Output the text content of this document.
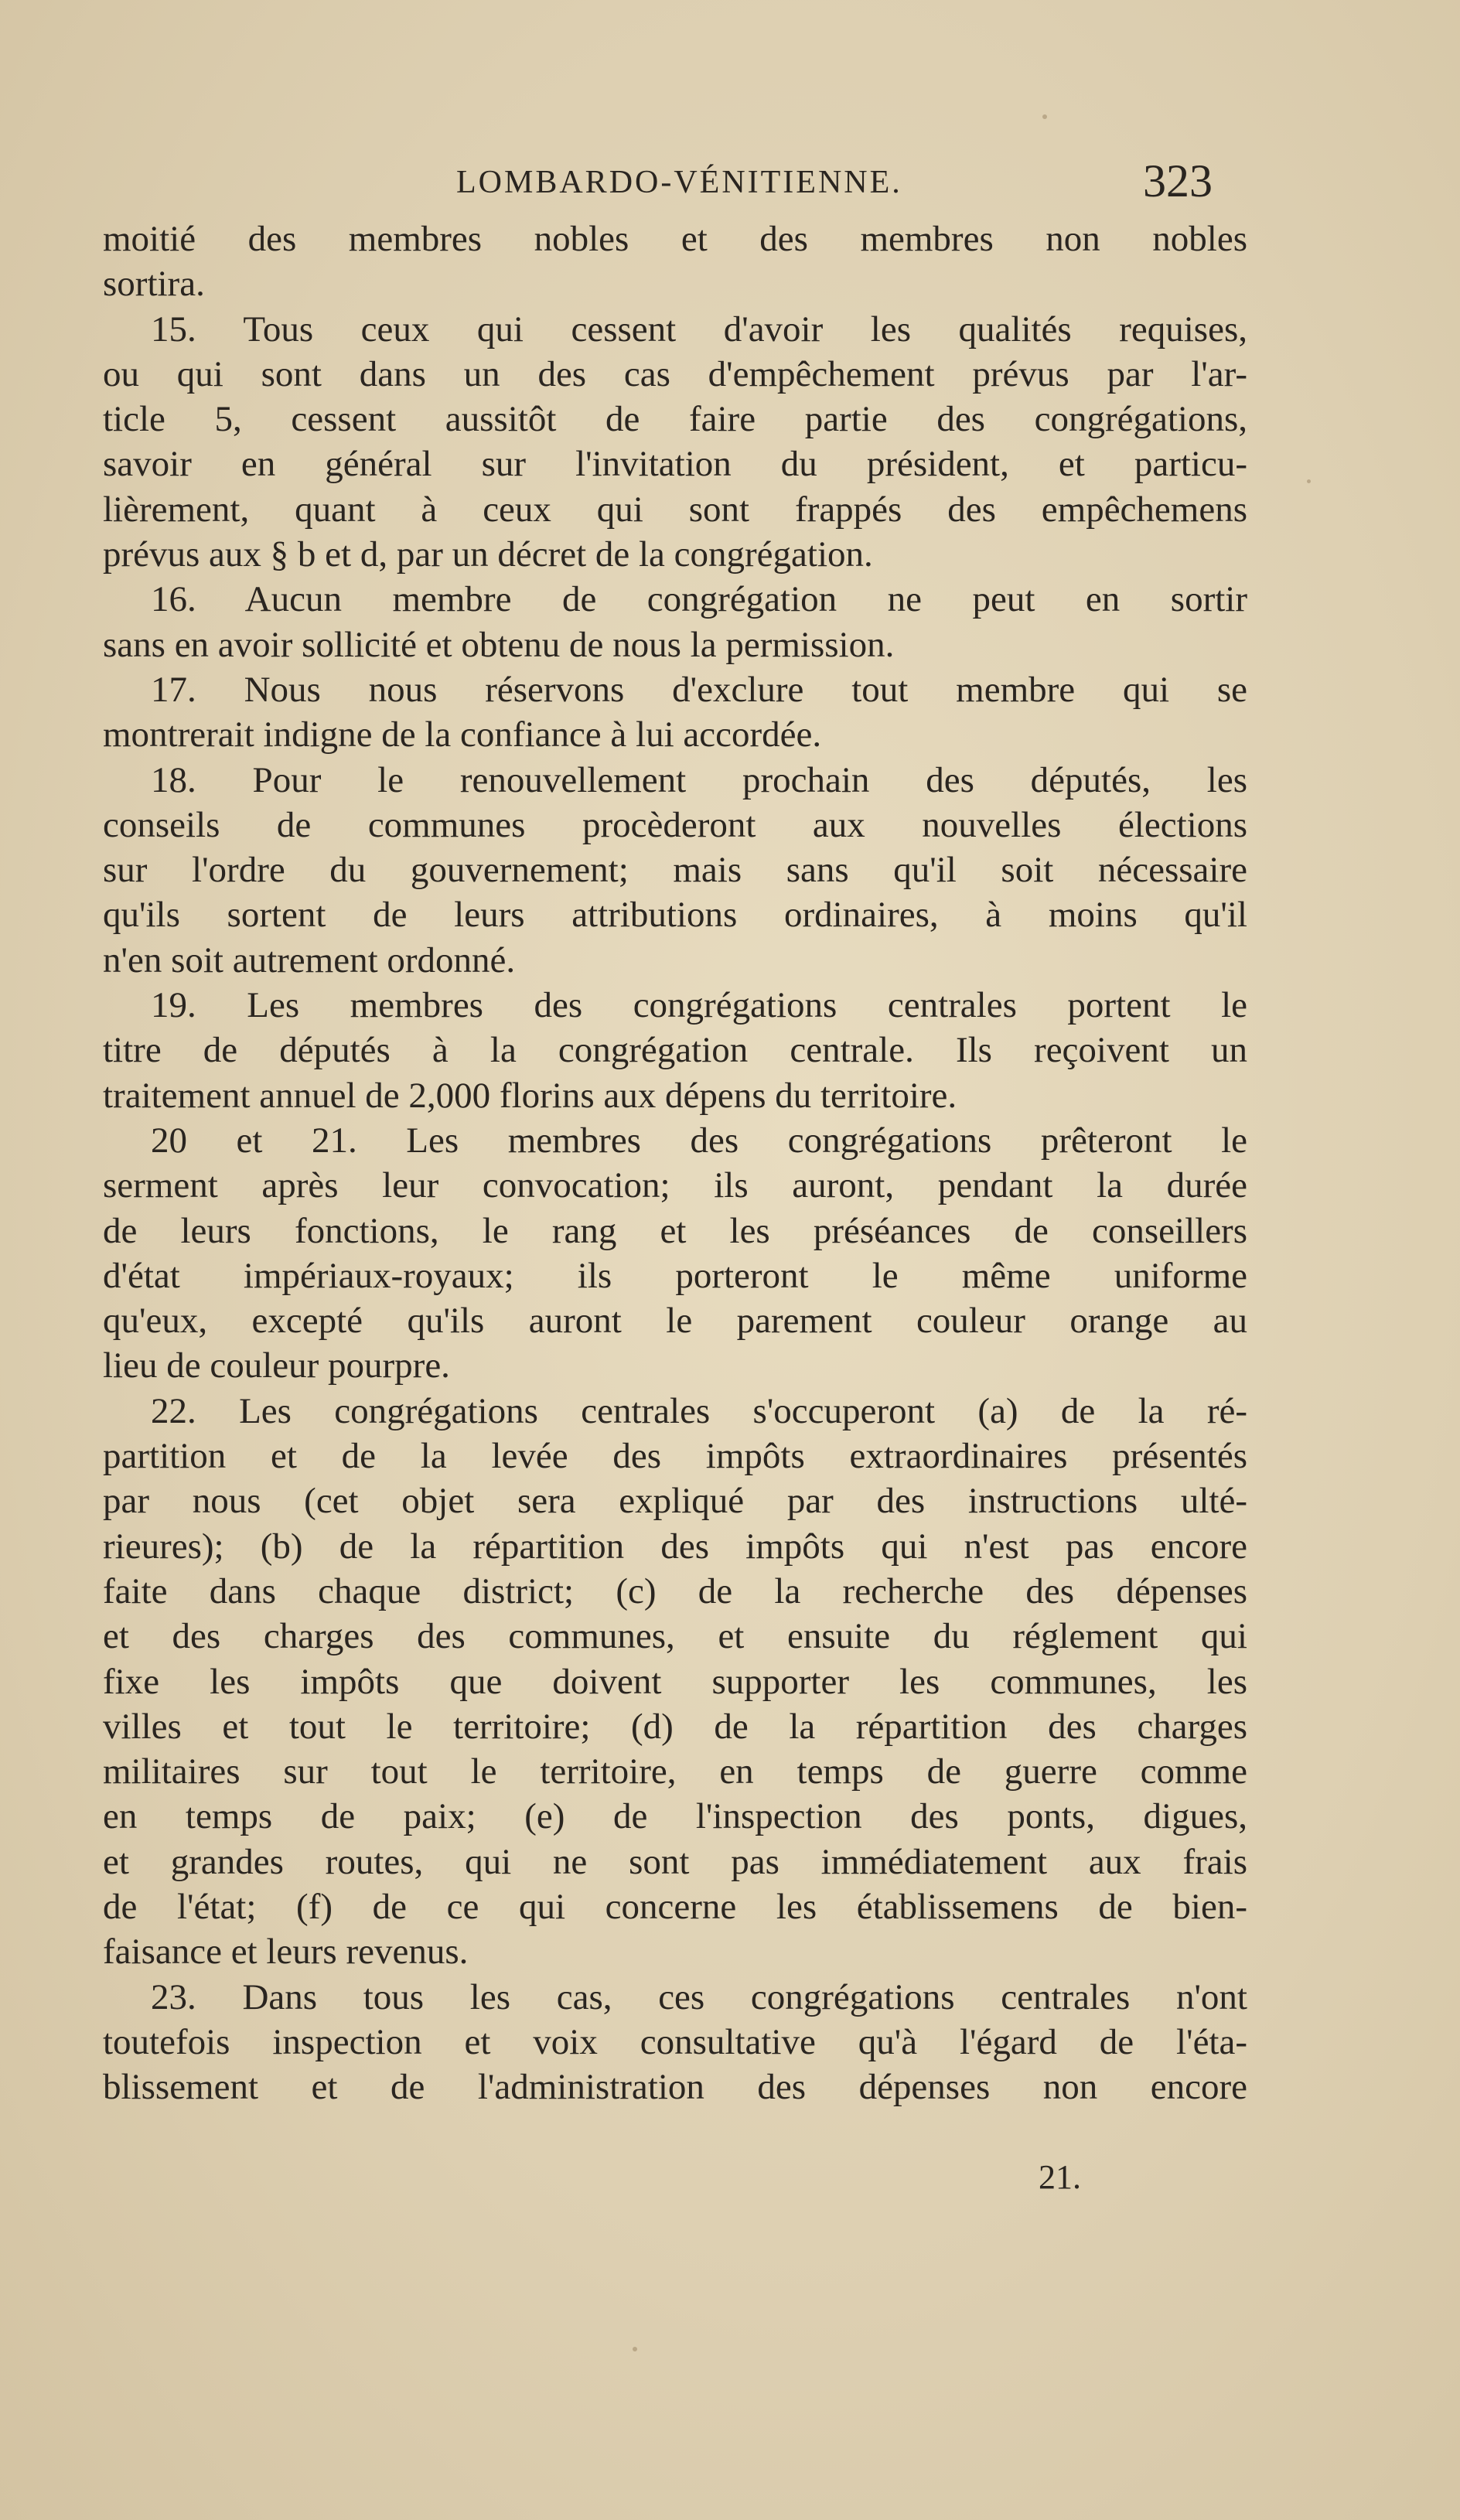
LOMBARDO-VÉNITIENNE.	323
moitié des membres nobles et des membres non nobles
sortira.
15. Tous ceux qui cessent d'avoir les qualités requises,
ou qui sont dans un des cas d'empêchement prévus par l'ar-
ticle 5, cessent aussitôt de faire partie des congrégations,
savoir en général sur l'invitation du président, et particu-
lièrement, quant à ceux qui sont frappés des empêchemens
prévus aux § b et d, par un décret de la congrégation.
16. Aucun membre de congrégation ne peut en sortir
sans en avoir sollicité et obtenu de nous la permission.
17. Nous nous réservons d'exclure tout membre qui se
montrerait indigne de la confiance à lui accordée.
18. Pour le renouvellement prochain des députés, les
conseils de communes procèderont aux nouvelles élections
sur l'ordre du gouvernement; mais sans qu'il soit nécessaire
qu'ils sortent de leurs attributions ordinaires, à moins qu'il
n'en soit autrement ordonné.
19. Les membres des congrégations centrales portent le
titre de députés à la congrégation centrale. Ils reçoivent un
traitement annuel de 2,000 florins aux dépens du territoire.
20 et 21. Les membres des congrégations prêteront le
serment après leur convocation; ils auront, pendant la durée
de leurs fonctions, le rang et les préséances de conseillers
d'état impériaux-royaux; ils porteront le même uniforme
qu'eux, excepté qu'ils auront le parement couleur orange au
lieu de couleur pourpre.
22. Les congrégations centrales s'occuperont (a) de la ré-
partition et de la levée des impôts extraordinaires présentés
par nous (cet objet sera expliqué par des instructions ulté-
rieures); (b) de la répartition des impôts qui n'est pas encore
faite dans chaque district; (c) de la recherche des dépenses
et des charges des communes, et ensuite du réglement qui
fixe les impôts que doivent supporter les communes, les
villes et tout le territoire; (d) de la répartition des charges
militaires sur tout le territoire, en temps de guerre comme
en temps de paix; (e) de l'inspection des ponts, digues,
et grandes routes, qui ne sont pas immédiatement aux frais
de l'état; (f) de ce qui concerne les établissemens de bien-
faisance et leurs revenus.
23. Dans tous les cas, ces congrégations centrales n'ont
toutefois inspection et voix consultative qu'à l'égard de l'éta-
blissement et de l'administration des dépenses non encore
21.
